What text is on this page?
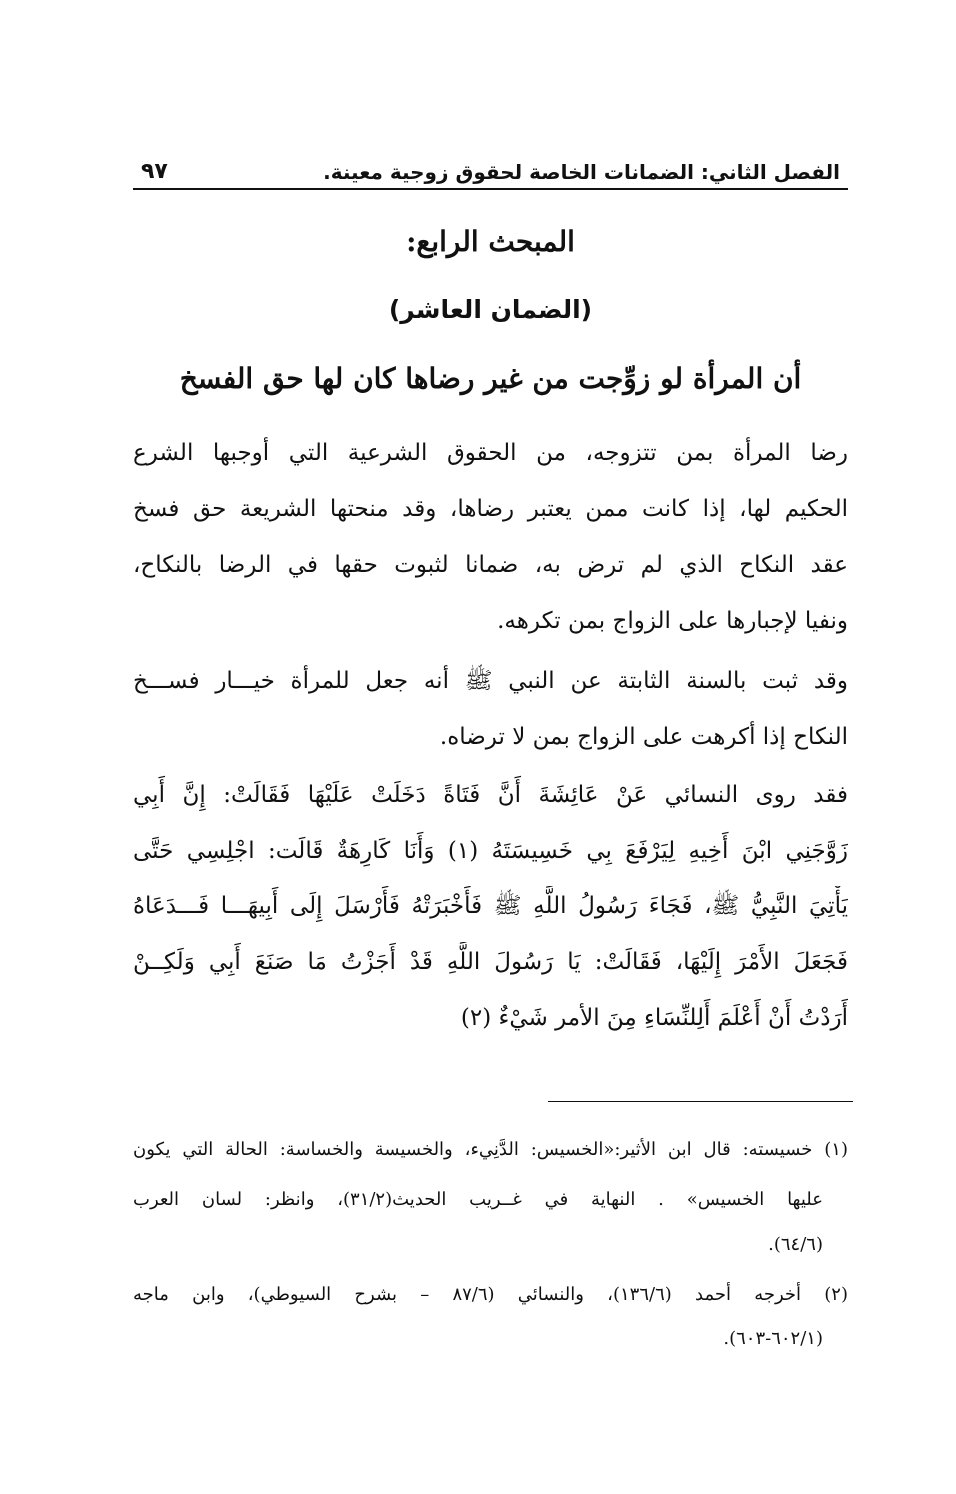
الفصل الثاني: الضمانات الخاصة لحقوق زوجية معينة.
٩٧
المبحث الرابع:
(الضمان العاشر)
أن المرأة لو زوِّجت من غير رضاها كان لها حق الفسخ
رضا المرأة بمن تتزوجه، من الحقوق الشرعية التي أوجبها الشرع
الحكيم لها، إذا كانت ممن يعتبر رضاها، وقد منحتها الشريعة حق فسخ
عقد النكاح الذي لم ترض به، ضمانا لثبوت حقها في الرضا بالنكاح،
ونفيا لإجبارها على الزواج بمن تكرهه.
وقد ثبت بالسنة الثابتة عن النبي ﷺ أنه جعل للمرأة خيـــار فســـخ
النكاح إذا أكرهت على الزواج بمن لا ترضاه.
فقد روى النسائي عَنْ عَائِشَةَ أَنَّ فَتَاةً دَخَلَتْ عَلَيْهَا فَقَالَتْ: إِنَّ أَبِي
زَوَّجَنِي ابْنَ أَخِيهِ لِيَرْفَعَ بِي خَسِيسَتَهُ (١) وَأَنَا كَارِهَةٌ قَالَت: اجْلِسِي حَتَّى
يَأْتِيَ النَّبِيُّ ﷺ، فَجَاءَ رَسُولُ اللَّهِ ﷺ فَأَخْبَرَتْهُ فَأَرْسَلَ إِلَى أَبِيهَـــا فَـــدَعَاهُ
فَجَعَلَ الأَمْرَ إِلَيْهَا، فَقَالَتْ: يَا رَسُولَ اللَّهِ قَدْ أَجَزْتُ مَا صَنَعَ أَبِي وَلَكِــنْ
أَرَدْتُ أَنْ أَعْلَمَ أَلِلنِّسَاءِ مِنَ الأمر شَيْءٌ (٢)
(١) خسيسته: قال ابن الأثير:«الخسيس: الدَّنِيء، والخسيسة والخساسة: الحالة التي يكون
عليها الخسيس» . النهاية في غــريب الحديث(٣١/٢)، وانظر: لسان العرب
(٦٤/٦).
(٢) أخرجه أحمد (١٣٦/٦)، والنسائي (٨٧/٦ – بشرح السيوطي)، وابن ماجه
(٦٠٢/١-٦٠٣).
